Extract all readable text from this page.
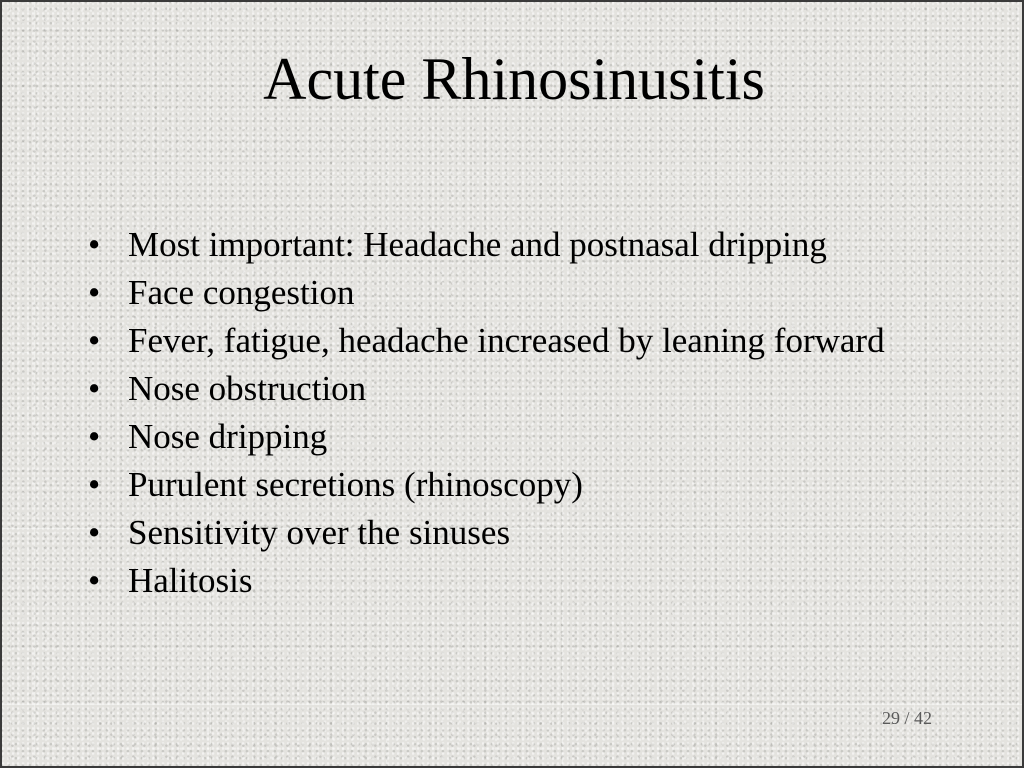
Acute Rhinosinusitis
• Most important: Headache and postnasal dripping
• Face congestion
• Fever, fatigue, headache increased by leaning forward
• Nose obstruction
• Nose dripping
• Purulent secretions (rhinoscopy)
• Sensitivity over the sinuses
• Halitosis
29 / 42
